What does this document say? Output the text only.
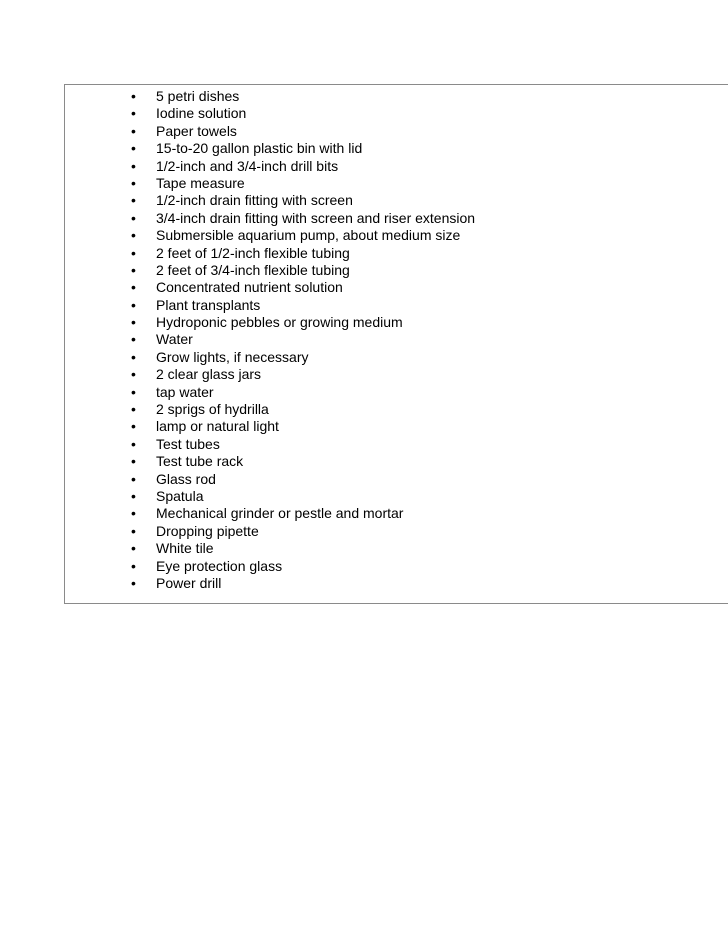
• 5 petri dishes
• Iodine solution
• Paper towels
• 15-to-20 gallon plastic bin with lid
• 1/2-inch and 3/4-inch drill bits
• Tape measure
• 1/2-inch drain fitting with screen
• 3/4-inch drain fitting with screen and riser extension
• Submersible aquarium pump, about medium size
• 2 feet of 1/2-inch flexible tubing
• 2 feet of 3/4-inch flexible tubing
• Concentrated nutrient solution
• Plant transplants
• Hydroponic pebbles or growing medium
• Water
• Grow lights, if necessary
• 2 clear glass jars
• tap water
• 2 sprigs of hydrilla
• lamp or natural light
• Test tubes
• Test tube rack
• Glass rod
• Spatula
• Mechanical grinder or pestle and mortar
• Dropping pipette
• White tile
• Eye protection glass
• Power drill
